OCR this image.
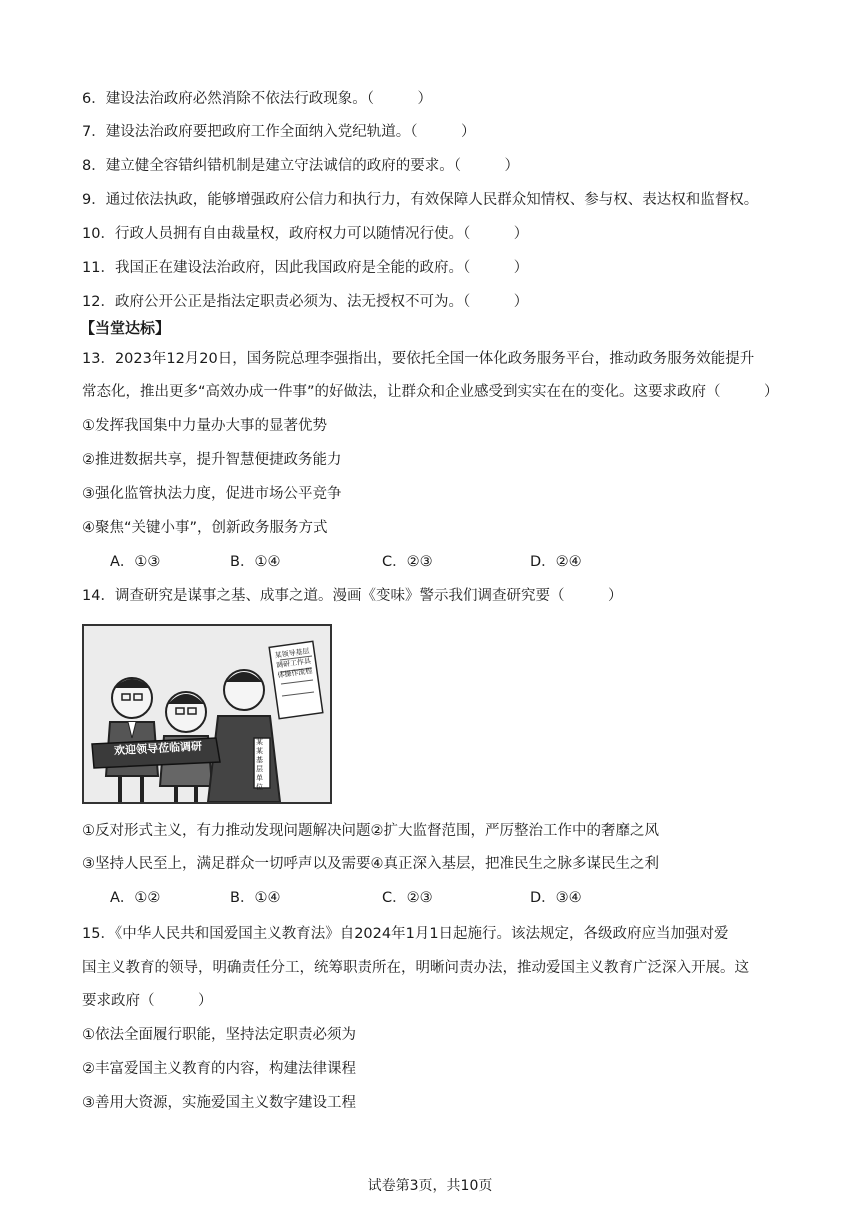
6．建设法治政府必然消除不依法行政现象。（　　　）
7．建设法治政府要把政府工作全面纳入党纪轨道。（　　　）
8．建立健全容错纠错机制是建立守法诚信的政府的要求。（　　　）
9．通过依法执政，能够增强政府公信力和执行力，有效保障人民群众知情权、参与权、表达权和监督权。
10．行政人员拥有自由裁量权，政府权力可以随情况行使。（　　　）
11．我国正在建设法治政府，因此我国政府是全能的政府。（　　　）
12．政府公开公正是指法定职责必须为、法无授权不可为。（　　　）
【当堂达标】
13．2023年12月20日，国务院总理李强指出，要依托全国一体化政务服务平台，推动政务服务效能提升
常态化，推出更多“高效办成一件事”的好做法，让群众和企业感受到实实在在的变化。这要求政府（　　　）
①发挥我国集中力量办大事的显著优势
②推进数据共享，提升智慧便捷政务能力
③强化监管执法力度，促进市场公平竞争
④聚焦“关键小事”，创新政务服务方式
A．①③	B．①④	C．②③	D．②④
14．调查研究是谋事之基、成事之道。漫画《变味》警示我们调查研究要（　　　）
欢迎领导莅临调研
某领导基层调研工作具体操作流程
某某基层单位
①反对形式主义，有力推动发现问题解决问题②扩大监督范围，严厉整治工作中的奢靡之风
③坚持人民至上，满足群众一切呼声以及需要④真正深入基层，把准民生之脉多谋民生之利
A．①②	B．①④	C．②③	D．③④
15．《中华人民共和国爱国主义教育法》自2024年1月1日起施行。该法规定，各级政府应当加强对爱
国主义教育的领导，明确责任分工，统筹职责所在，明晰问责办法，推动爱国主义教育广泛深入开展。这
要求政府（　　　）
①依法全面履行职能，坚持法定职责必须为
②丰富爱国主义教育的内容，构建法律课程
③善用大资源，实施爱国主义数字建设工程
试卷第3页，共10页
